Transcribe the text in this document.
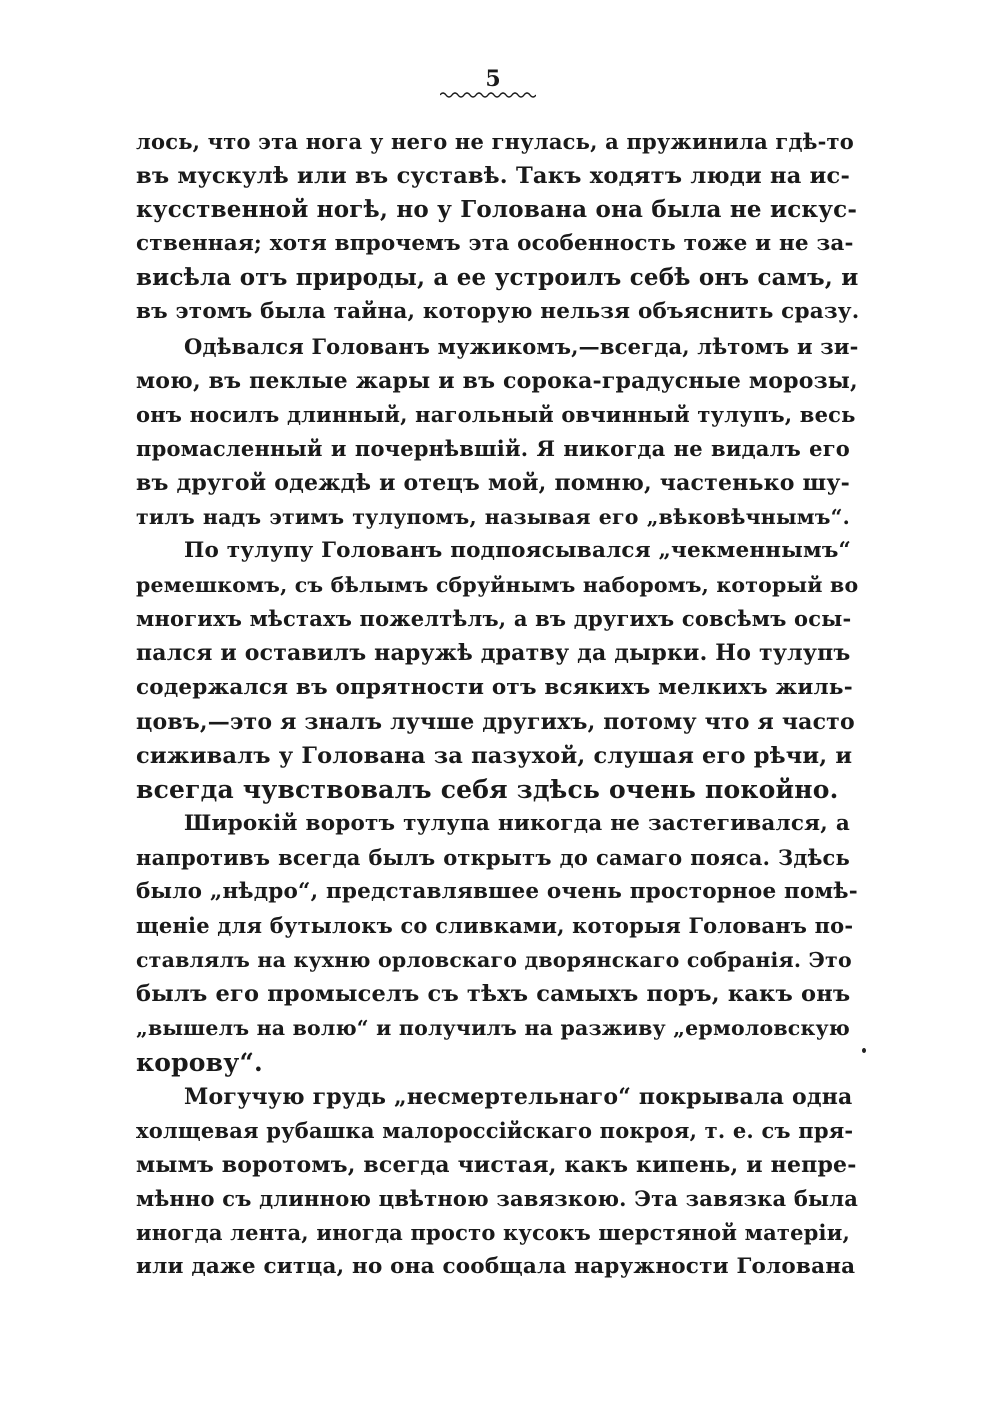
5
лось, что эта нога у него не гнулась, а пружинила гдѣ-то
въ мускулѣ или въ суставѣ. Такъ ходятъ люди на ис-
кусственной ногѣ, но у Голована она была не искус-
ственная; хотя впрочемъ эта особенность тоже и не за-
висѣла отъ природы, а ее устроилъ себѣ онъ самъ, и
въ этомъ была тайна, которую нельзя объяснить сразу.
Одѣвался Голованъ мужикомъ,—всегда, лѣтомъ и зи-
мою, въ пеклые жары и въ сорока-градусные морозы,
онъ носилъ длинный, нагольный овчинный тулупъ, весь
промасленный и почернѣвшій. Я никогда не видалъ его
въ другой одеждѣ и отецъ мой, помню, частенько шу-
тилъ надъ этимъ тулупомъ, называя его „вѣковѣчнымъ“.
По тулупу Голованъ подпоясывался „чекменнымъ“
ремешкомъ, съ бѣлымъ сбруйнымъ наборомъ, который во
многихъ мѣстахъ пожелтѣлъ, а въ другихъ совсѣмъ осы-
пался и оставилъ наружѣ дратву да дырки. Но тулупъ
содержался въ опрятности отъ всякихъ мелкихъ жиль-
цовъ,—это я зналъ лучше другихъ, потому что я часто
сиживалъ у Голована за пазухой, слушая его рѣчи, и
всегда чувствовалъ себя здѣсь очень покойно.
Широкій воротъ тулупа никогда не застегивался, а
напротивъ всегда былъ открытъ до самаго пояса. Здѣсь
было „нѣдро“, представлявшее очень просторное помѣ-
щеніе для бутылокъ со сливками, которыя Голованъ по-
ставлялъ на кухню орловскаго дворянскаго собранія. Это
былъ его промыселъ съ тѣхъ самыхъ поръ, какъ онъ
„вышелъ на волю“ и получилъ на разживу „ермоловскую
корову“.
Могучую грудь „несмертельнаго“ покрывала одна
холщевая рубашка малороссійскаго покроя, т. е. съ пря-
мымъ воротомъ, всегда чистая, какъ кипень, и непре-
мѣнно съ длинною цвѣтною завязкою. Эта завязка была
иногда лента, иногда просто кусокъ шерстяной матеріи,
или даже ситца, но она сообщала наружности Голована
